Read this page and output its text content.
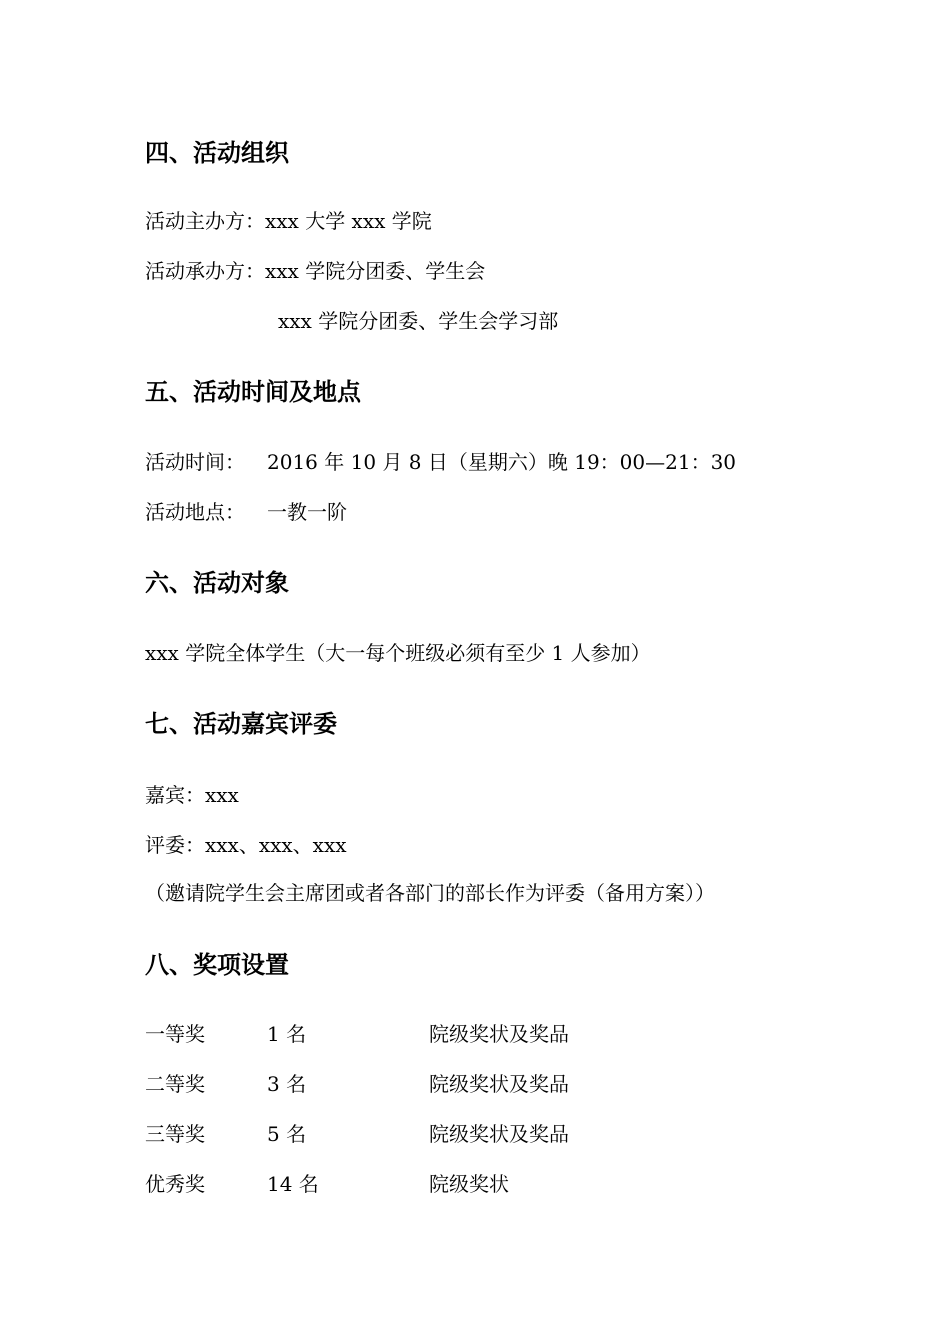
四、活动组织
活动主办方：xxx 大学 xxx 学院
活动承办方：xxx 学院分团委、学生会
xxx 学院分团委、学生会学习部
五、活动时间及地点
活动时间： 2016 年 10 月 8 日（星期六）晚 19：00—21：30
活动地点： 一教一阶
六、活动对象
xxx 学院全体学生（大一每个班级必须有至少 1 人参加）
七、活动嘉宾评委
嘉宾：xxx
评委：xxx、xxx、xxx
（邀请院学生会主席团或者各部门的部长作为评委（备用方案））
八、奖项设置
一等奖	1 名	院级奖状及奖品
二等奖	3 名	院级奖状及奖品
三等奖	5 名	院级奖状及奖品
优秀奖	14 名	院级奖状
